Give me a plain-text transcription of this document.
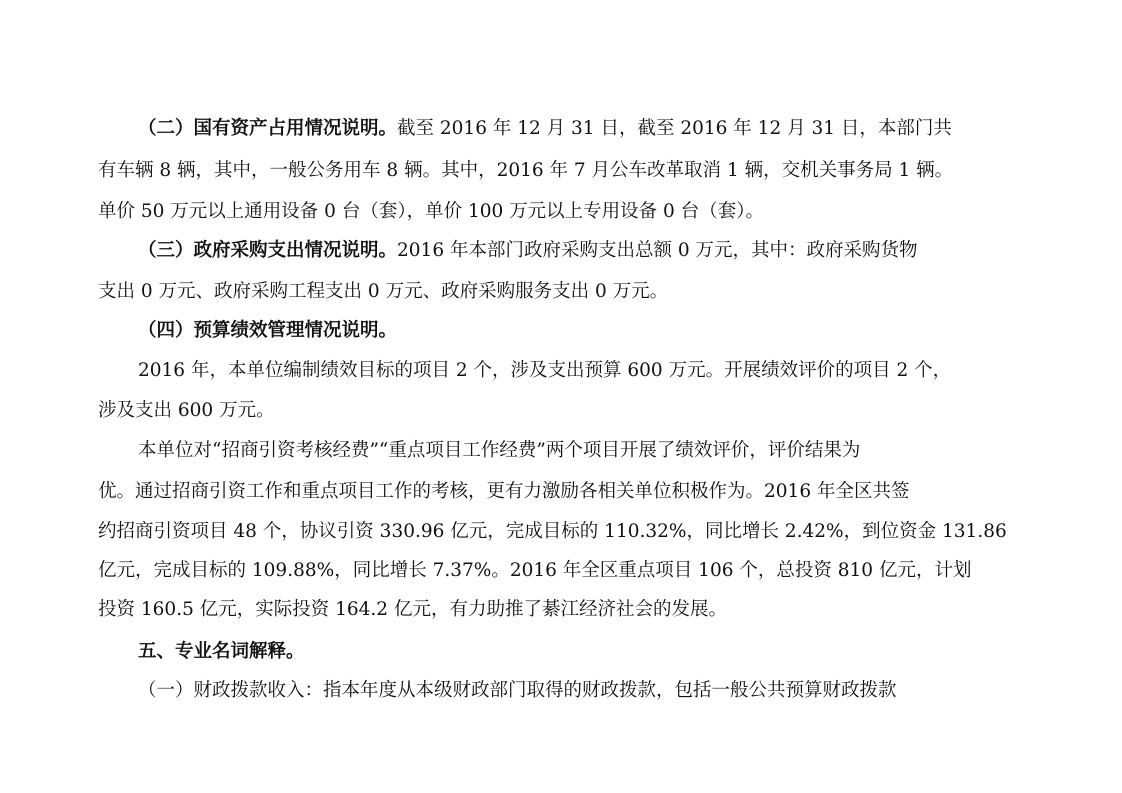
（二）国有资产占用情况说明。截至 2016 年 12 月 31 日，截至 2016 年 12 月 31 日，本部门共
有车辆 8 辆，其中，一般公务用车 8 辆。其中，2016 年 7 月公车改革取消 1 辆，交机关事务局 1 辆。
单价 50 万元以上通用设备 0 台（套），单价 100 万元以上专用设备 0 台（套）。
（三）政府采购支出情况说明。2016 年本部门政府采购支出总额 0 万元，其中：政府采购货物
支出 0 万元、政府采购工程支出 0 万元、政府采购服务支出 0 万元。
（四）预算绩效管理情况说明。
2016 年，本单位编制绩效目标的项目 2 个，涉及支出预算 600 万元。开展绩效评价的项目 2 个，
涉及支出 600 万元。
本单位对“招商引资考核经费”“重点项目工作经费”两个项目开展了绩效评价，评价结果为
优。通过招商引资工作和重点项目工作的考核，更有力激励各相关单位积极作为。2016 年全区共签
约招商引资项目 48 个，协议引资 330.96 亿元，完成目标的 110.32%，同比增长 2.42%，到位资金 131.86
亿元，完成目标的 109.88%，同比增长 7.37%。2016 年全区重点项目 106 个，总投资 810 亿元，计划
投资 160.5 亿元，实际投资 164.2 亿元，有力助推了綦江经济社会的发展。
五、专业名词解释。
（一）财政拨款收入：指本年度从本级财政部门取得的财政拨款，包括一般公共预算财政拨款
